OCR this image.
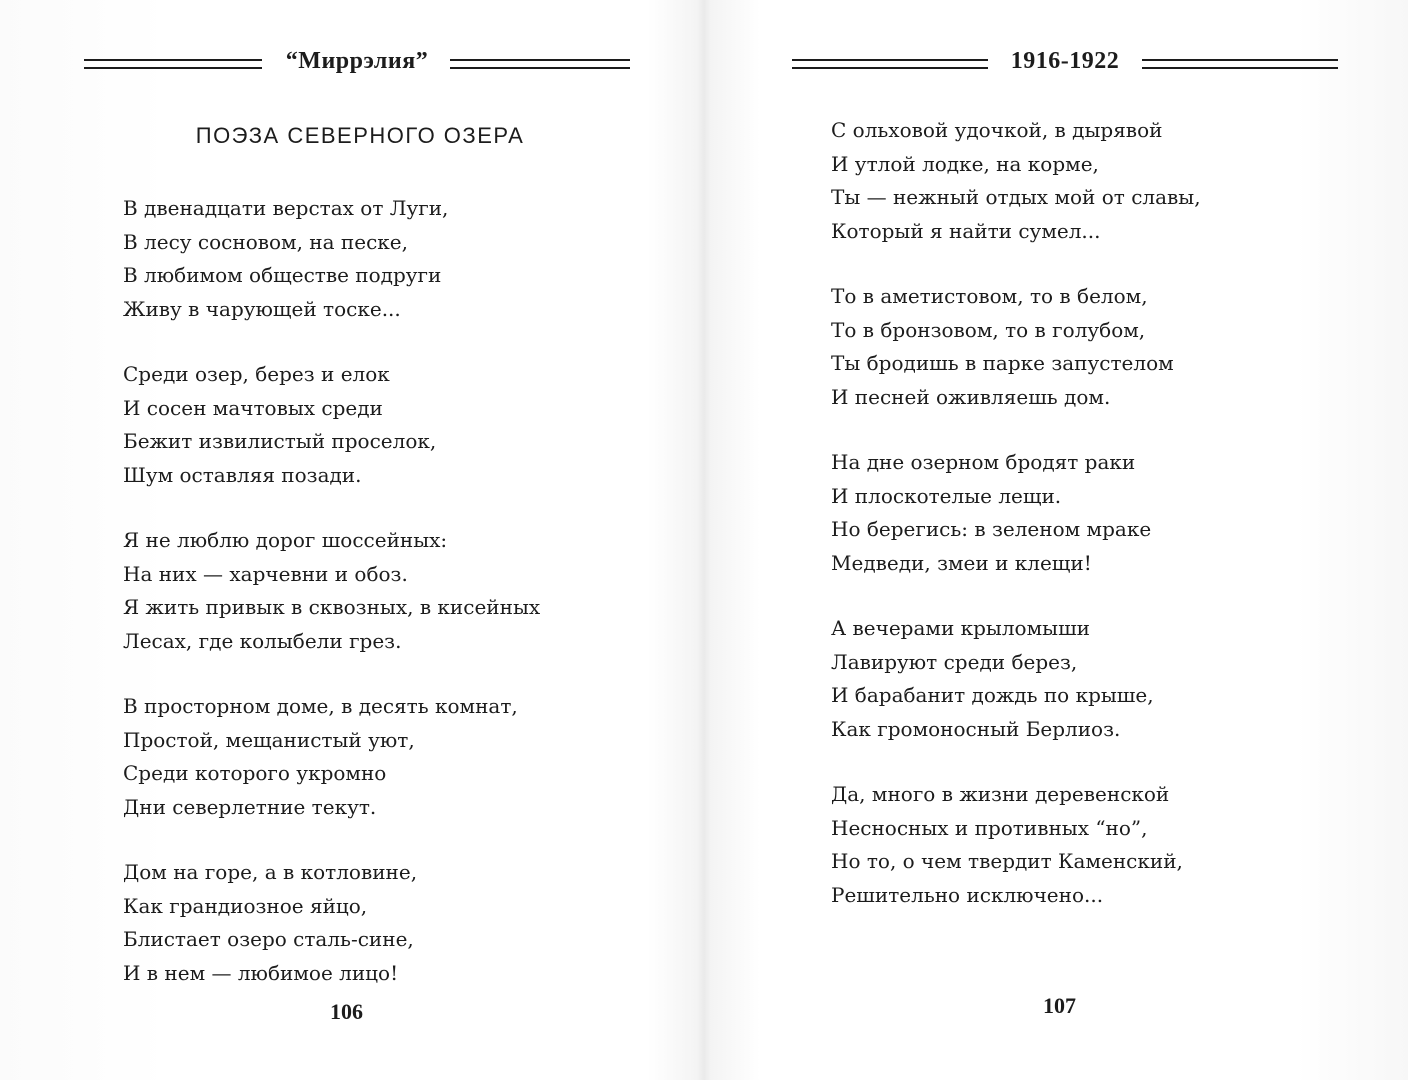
“Миррэлия”
ПОЭЗА СЕВЕРНОГО ОЗЕРА
В двенадцати верстах от Луги,
В лесу сосновом, на песке,
В любимом обществе подруги
Живу в чарующей тоске...
Среди озер, берез и елок
И сосен мачтовых среди
Бежит извилистый проселок,
Шум оставляя позади.
Я не люблю дорог шоссейных:
На них — харчевни и обоз.
Я жить привык в сквозных, в кисейных
Лесах, где колыбели грез.
В просторном доме, в десять комнат,
Простой, мещанистый уют,
Среди которого укромно
Дни северлетние текут.
Дом на горе, а в котловине,
Как грандиозное яйцо,
Блистает озеро сталь-сине,
И в нем — любимое лицо!
106
1916-1922
С ольховой удочкой, в дырявой
И утлой лодке, на корме,
Ты — нежный отдых мой от славы,
Который я найти сумел...
То в аметистовом, то в белом,
То в бронзовом, то в голубом,
Ты бродишь в парке запустелом
И песней оживляешь дом.
На дне озерном бродят раки
И плоскотелые лещи.
Но берегись: в зеленом мраке
Медведи, змеи и клещи!
А вечерами крыломыши
Лавируют среди берез,
И барабанит дождь по крыше,
Как громоносный Берлиоз.
Да, много в жизни деревенской
Несносных и противных “но”,
Но то, о чем твердит Каменский,
Решительно исключено...
107
